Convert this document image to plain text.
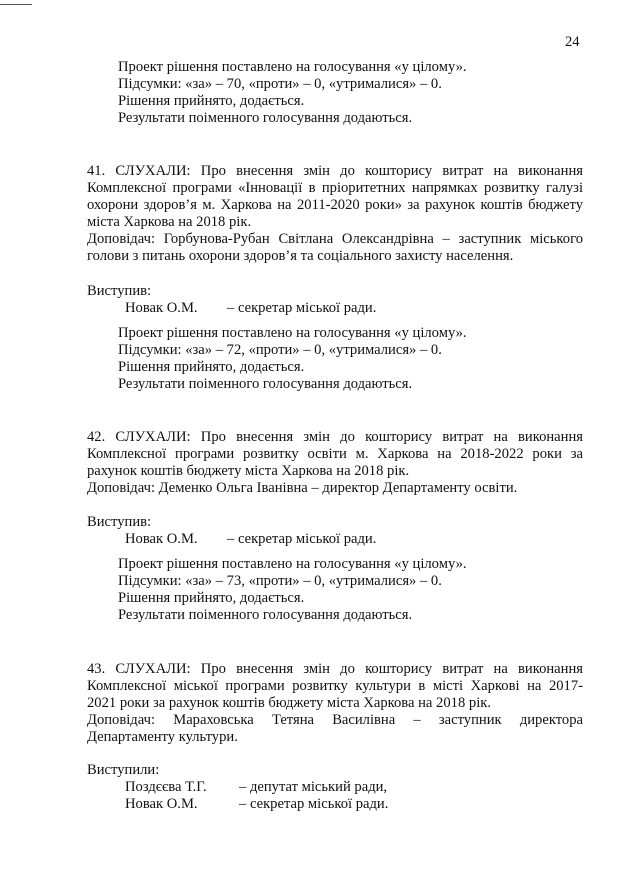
24
Проект рішення поставлено на голосування «у цілому».
Підсумки: «за» – 70, «проти» – 0, «утрималися» – 0.
Рішення прийнято, додається.
Результати поіменного голосування додаються.
41. СЛУХАЛИ: Про внесення змін до кошторису витрат на виконання
Комплексної програми «Інновації в пріоритетних напрямках розвитку галузі
охорони здоров’я м. Харкова на 2011-2020 роки» за рахунок коштів бюджету
міста Харкова на 2018 рік.
Доповідач: Горбунова-Рубан Світлана Олександрівна – заступник міського
голови з питань охорони здоров’я та соціального захисту населення.
Виступив:
Новак О.М. – секретар міської ради.
Проект рішення поставлено на голосування «у цілому».
Підсумки: «за» – 72, «проти» – 0, «утрималися» – 0.
Рішення прийнято, додається.
Результати поіменного голосування додаються.
42. СЛУХАЛИ: Про внесення змін до кошторису витрат на виконання
Комплексної програми розвитку освіти м. Харкова на 2018-2022 роки за
рахунок коштів бюджету міста Харкова на 2018 рік.
Доповідач: Деменко Ольга Іванівна – директор Департаменту освіти.
Виступив:
Новак О.М. – секретар міської ради.
Проект рішення поставлено на голосування «у цілому».
Підсумки: «за» – 73, «проти» – 0, «утрималися» – 0.
Рішення прийнято, додається.
Результати поіменного голосування додаються.
43. СЛУХАЛИ: Про внесення змін до кошторису витрат на виконання
Комплексної міської програми розвитку культури в місті Харкові на 2017-
2021 роки за рахунок коштів бюджету міста Харкова на 2018 рік.
Доповідач: Мараховська Тетяна Василівна – заступник директора
Департаменту культури.
Виступили:
Поздєєва Т.Г. – депутат міський ради,
Новак О.М.	– секретар міської ради.
